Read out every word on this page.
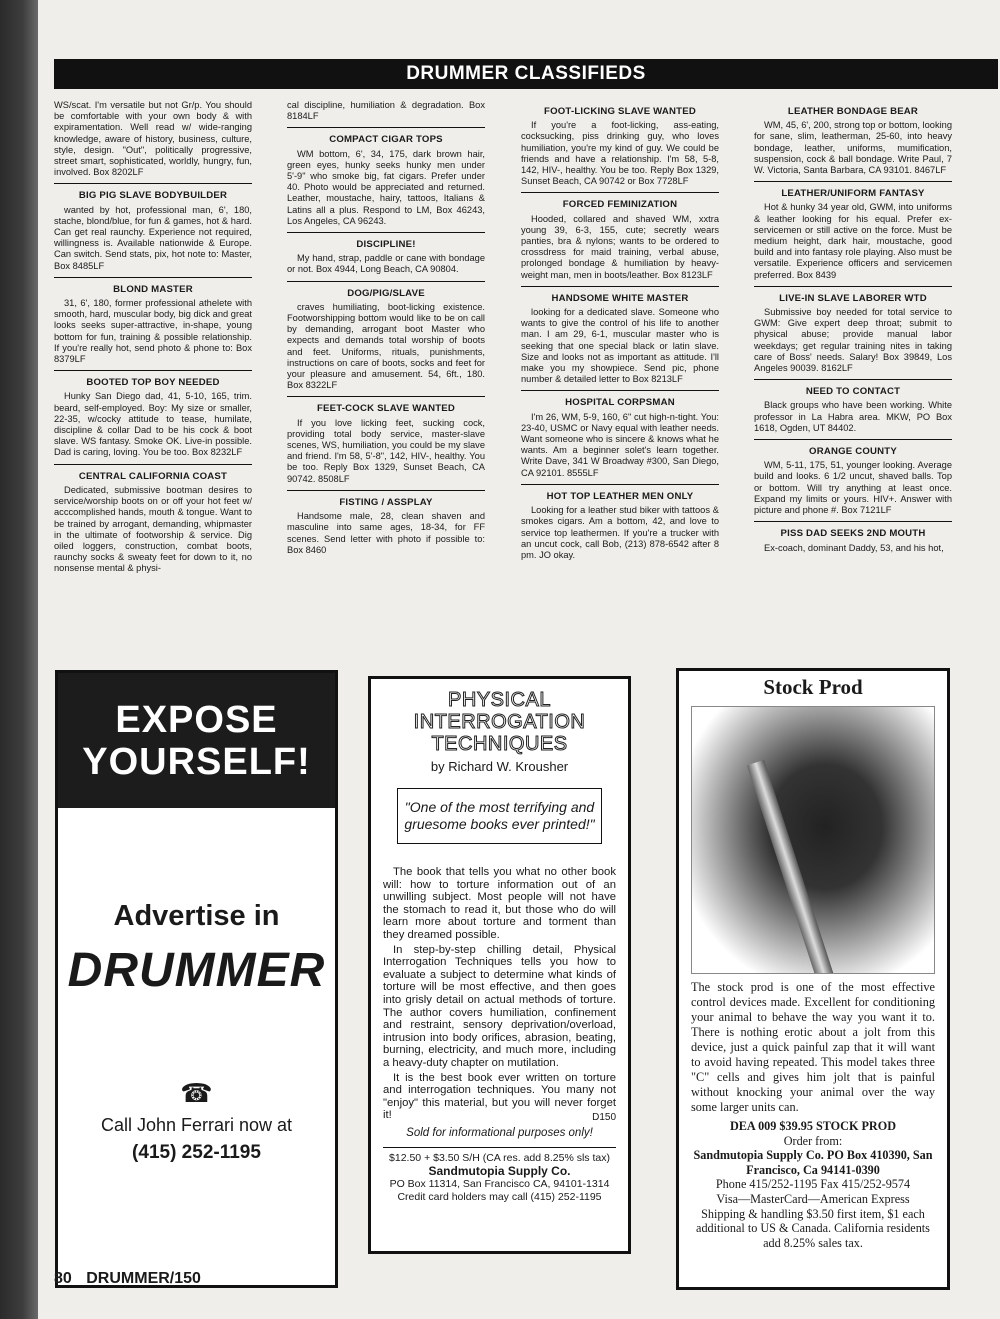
DRUMMER CLASSIFIEDS
WS/scat. I'm versatile but not Gr/p. You should be comfortable with your own body & with expiramentation. Well read w/ wide-ranging knowledge, aware of history, business, culture, style, design. "Out", politically progressive, street smart, sophisticated, worldly, hungry, fun, involved. Box 8202LF
BIG PIG SLAVE BODYBUILDER
wanted by hot, professional man, 6', 180, stache, blond/blue, for fun & games, hot & hard. Can get real raunchy. Experience not required, willingness is. Available nationwide & Europe. Can switch. Send stats, pix, hot note to: Master, Box 8485LF
BLOND MASTER
31, 6', 180, former professional athelete with smooth, hard, muscular body, big dick and great looks seeks super-attractive, in-shape, young bottom for fun, training & possible relationship. If you're really hot, send photo & phone to: Box 8379LF
BOOTED TOP BOY NEEDED
Hunky San Diego dad, 41, 5-10, 165, trim. beard, self-employed. Boy: My size or smaller, 22-35, w/cocky attitude to tease, humilate, discipline & collar Dad to be his cock & boot slave. WS fantasy. Smoke OK. Live-in possible. Dad is caring, loving. You be too. Box 8232LF
CENTRAL CALIFORNIA COAST
Dedicated, submissive bootman desires to service/worship boots on or off your hot feet w/ acccomplished hands, mouth & tongue. Want to be trained by arrogant, demanding, whipmaster in the ultimate of footworship & service. Dig oiled loggers, construction, combat boots, raunchy socks & sweaty feet for down to it, no nonsense mental & physi-
cal discipline, humiliation & degradation. Box 8184LF
COMPACT CIGAR TOPS
WM bottom, 6', 34, 175, dark brown hair, green eyes, hunky seeks hunky men under 5'-9" who smoke big, fat cigars. Prefer under 40. Photo would be appreciated and returned. Leather, moustache, hairy, tattoos, Italians & Latins all a plus. Respond to LM, Box 46243, Los Angeles, CA 96243.
DISCIPLINE!
My hand, strap, paddle or cane with bondage or not. Box 4944, Long Beach, CA 90804.
DOG/PIG/SLAVE
craves humiliating, boot-licking existence. Footworshipping bottom would like to be on call by demanding, arrogant boot Master who expects and demands total worship of boots and feet. Uniforms, rituals, punishments, instructions on care of boots, socks and feet for your pleasure and amusement. 54, 6ft., 180. Box 8322LF
FEET-COCK SLAVE WANTED
If you love licking feet, sucking cock, providing total body service, master-slave scenes, WS, humiliation, you could be my slave and friend. I'm 58, 5'-8", 142, HIV-, healthy. You be too. Reply Box 1329, Sunset Beach, CA 90742. 8508LF
FISTING / ASSPLAY
Handsome male, 28, clean shaven and masculine into same ages, 18-34, for FF scenes. Send letter with photo if possible to: Box 8460
FOOT-LICKING SLAVE WANTED
If you're a foot-licking, ass-eating, cocksucking, piss drinking guy, who loves humiliation, you're my kind of guy. We could be friends and have a relationship. I'm 58, 5-8, 142, HIV-, healthy. You be too. Reply Box 1329, Sunset Beach, CA 90742 or Box 7728LF
FORCED FEMINIZATION
Hooded, collared and shaved WM, xxtra young 39, 6-3, 155, cute; secretly wears panties, bra & nylons; wants to be ordered to crossdress for maid training, verbal abuse, prolonged bondage & humiliation by heavy-weight man, men in boots/leather. Box 8123LF
HANDSOME WHITE MASTER
looking for a dedicated slave. Someone who wants to give the control of his life to another man. I am 29, 6-1, muscular master who is seeking that one special black or latin slave. Size and looks not as important as attitude. I'll make you my showpiece. Send pic, phone number & detailed letter to Box 8213LF
HOSPITAL CORPSMAN
I'm 26, WM, 5-9, 160, 6" cut high-n-tight. You: 23-40, USMC or Navy equal with leather needs. Want someone who is sincere & knows what he wants. Am a beginner solet's learn together. Write Dave, 341 W Broadway #300, San Diego, CA 92101. 8555LF
HOT TOP LEATHER MEN ONLY
Looking for a leather stud biker with tattoos & smokes cigars. Am a bottom, 42, and love to service top leathermen. If you're a trucker with an uncut cock, call Bob, (213) 878-6542 after 8 pm. JO okay.
LEATHER BONDAGE BEAR
WM, 45, 6', 200, strong top or bottom, looking for sane, slim, leatherman, 25-60, into heavy bondage, leather, uniforms, mumification, suspension, cock & ball bondage. Write Paul, 7 W. Victoria, Santa Barbara, CA 93101. 8467LF
LEATHER/UNIFORM FANTASY
Hot & hunky 34 year old, GWM, into uniforms & leather looking for his equal. Prefer ex-servicemen or still active on the force. Must be medium height, dark hair, moustache, good build and into fantasy role playing. Also must be versatile. Experience officers and servicemen preferred. Box 8439
LIVE-IN SLAVE LABORER WTD
Submissive boy needed for total service to GWM: Give expert deep throat; submit to physical abuse; provide manual labor weekdays; get regular training nites in taking care of Boss' needs. Salary! Box 39849, Los Angeles 90039. 8162LF
NEED TO CONTACT
Black groups who have been working. White professor in La Habra area. MKW, PO Box 1618, Ogden, UT 84402.
ORANGE COUNTY
WM, 5-11, 175, 51, younger looking. Average build and looks. 6 1/2 uncut, shaved balls. Top or bottom. Will try anything at least once. Expand my limits or yours. HIV+. Answer with picture and phone #. Box 7121LF
PISS DAD SEEKS 2ND MOUTH
Ex-coach, dominant Daddy, 53, and his hot,
EXPOSE
YOURSELF!
Advertise in
DRUMMER
☎
Call John Ferrari now at
(415) 252-1195
PHYSICAL INTERROGATION
TECHNIQUES
by Richard W. Krousher
"One of the most terrifying and gruesome books ever printed!"

The book that tells you what no other book will: how to torture information out of an unwilling subject. Most people will not have the stomach to read it, but those who do will learn more about torture and torment than they dreamed possible.

In step-by-step chilling detail, Physical Interrogation Techniques tells you how to evaluate a subject to determine what kinds of torture will be most effective, and then goes into grisly detail on actual methods of torture. The author covers humiliation, confinement and restraint, sensory deprivation/overload, intrusion into body orifices, abrasion, beating, burning, electricity, and much more, including a heavy-duty chapter on mutilation.

It is the best book ever written on torture and interrogation techniques. You many not "enjoy" this material, but you will never forget it!	D150
Sold for informational purposes only!
$12.50 + $3.50 S/H (CA res. add 8.25% sls tax)
Sandmutopia Supply Co.
PO Box 11314, San Francisco CA, 94101-1314
Credit card holders may call (415) 252-1195
Stock Prod
The stock prod is one of the most effective control devices made. Excellent for conditioning your animal to behave the way you want it to. There is nothing erotic about a jolt from this device, just a quick painful zap that it will want to avoid having repeated. This model takes three "C" cells and gives him jolt that is painful without knocking your animal over the way some larger units can.
DEA 009 $39.95 STOCK PROD
Order from:
Sandmutopia Supply Co. PO Box 410390, San Francisco, Ca 94141-0390
Phone 415/252-1195 Fax 415/252-9574
Visa—MasterCard—American Express
Shipping & handling $3.50 first item, $1 each additional to US & Canada. California residents add 8.25% sales tax.
80 DRUMMER/150
